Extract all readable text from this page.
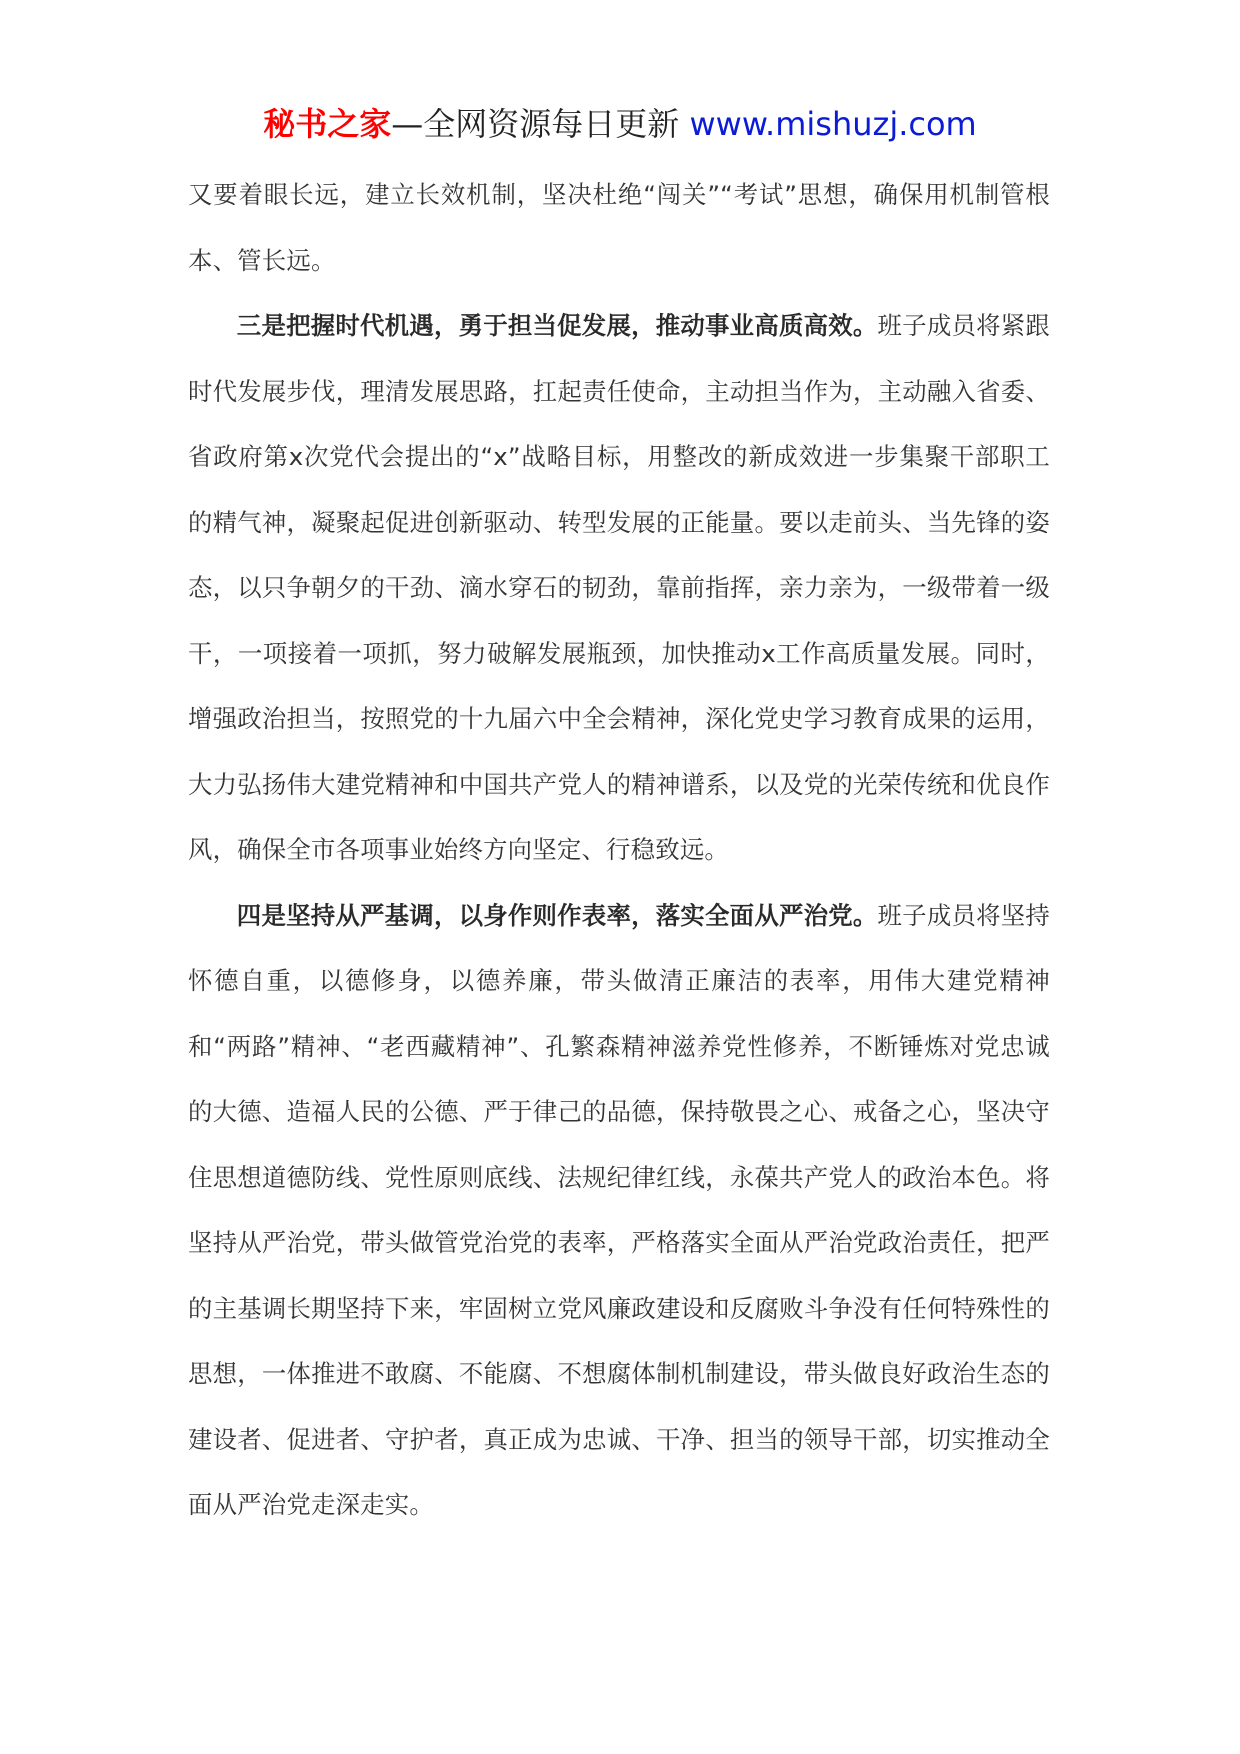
秘书之家—全网资源每日更新 www.mishuzj.com

又要着眼长远，建立长效机制，坚决杜绝“闯关”“考试”思想，确保用机制管根本、管长远。

三是把握时代机遇，勇于担当促发展，推动事业高质高效。班子成员将紧跟时代发展步伐，理清发展思路，扛起责任使命，主动担当作为，主动融入省委、省政府第x次党代会提出的“x”战略目标，用整改的新成效进一步集聚干部职工的精气神，凝聚起促进创新驱动、转型发展的正能量。要以走前头、当先锋的姿态，以只争朝夕的干劲、滴水穿石的韧劲，靠前指挥，亲力亲为，一级带着一级干，一项接着一项抓，努力破解发展瓶颈，加快推动x工作高质量发展。同时，增强政治担当，按照党的十九届六中全会精神，深化党史学习教育成果的运用，大力弘扬伟大建党精神和中国共产党人的精神谱系，以及党的光荣传统和优良作风，确保全市各项事业始终方向坚定、行稳致远。

四是坚持从严基调，以身作则作表率，落实全面从严治党。班子成员将坚持怀德自重，以德修身，以德养廉，带头做清正廉洁的表率，用伟大建党精神和“两路”精神、“老西藏精神”、孔繁森精神滋养党性修养，不断锤炼对党忠诚的大德、造福人民的公德、严于律己的品德，保持敬畏之心、戒备之心，坚决守住思想道德防线、党性原则底线、法规纪律红线，永葆共产党人的政治本色。将坚持从严治党，带头做管党治党的表率，严格落实全面从严治党政治责任，把严的主基调长期坚持下来，牢固树立党风廉政建设和反腐败斗争没有任何特殊性的思想，一体推进不敢腐、不能腐、不想腐体制机制建设，带头做良好政治生态的建设者、促进者、守护者，真正成为忠诚、干净、担当的领导干部，切实推动全面从严治党走深走实。
